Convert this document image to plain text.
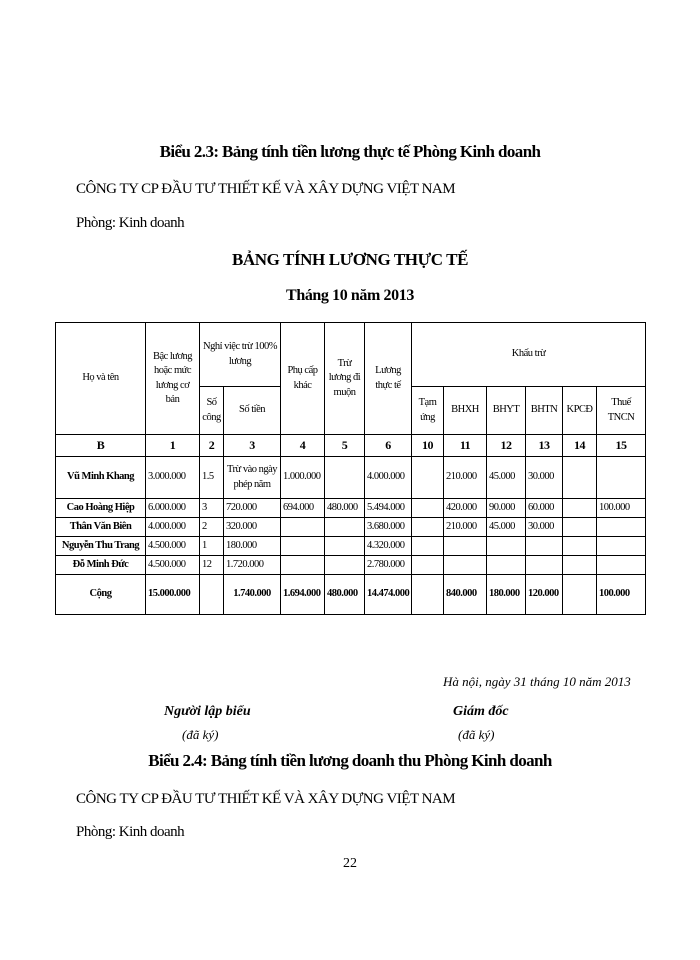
Biểu 2.3: Bảng tính tiền lương thực tế Phòng Kinh doanh
CÔNG TY CP ĐẦU TƯ THIẾT KẾ VÀ XÂY DỰNG VIỆT NAM
Phòng: Kinh doanh
BẢNG TÍNH LƯƠNG THỰC TẾ
Tháng 10 năm 2013
Họ và tên	Bậc lương hoặc mức lương cơ bản	Nghỉ việc trừ 100% lương		Phụ cấp khác	Trừ lương đi muộn	Lương thực tế	Khấu trừ					
		Số công	Số tiền				Tạm ứng	BHXH	BHYT	BHTN	KPCĐ	Thuế TNCN
B	1	2	3	4	5	6	10	11	12	13	14	15
Vũ Minh Khang	3.000.000	1.5	Trừ vào ngày phép năm	1.000.000		4.000.000		210.000	45.000	30.000		
Cao Hoàng Hiệp	6.000.000	3	720.000	694.000	480.000	5.494.000		420.000	90.000	60.000		100.000
Thân Văn Biên	4.000.000	2	320.000			3.680.000		210.000	45.000	30.000		
Nguyễn Thu Trang	4.500.000	1	180.000			4.320.000						
Đỗ Minh Đức	4.500.000	12	1.720.000			2.780.000						
Cộng	15.000.000		1.740.000	1.694.000	480.000	14.474.000		840.000	180.000	120.000		100.000
Hà nội, ngày 31 tháng 10 năm 2013
Người lập biểu	Giám đốc
(đã ký)	(đã ký)
Biểu 2.4: Bảng tính tiền lương doanh thu Phòng Kinh doanh
CÔNG TY CP ĐẦU TƯ THIẾT KẾ VÀ XÂY DỰNG VIỆT NAM
Phòng: Kinh doanh
22
